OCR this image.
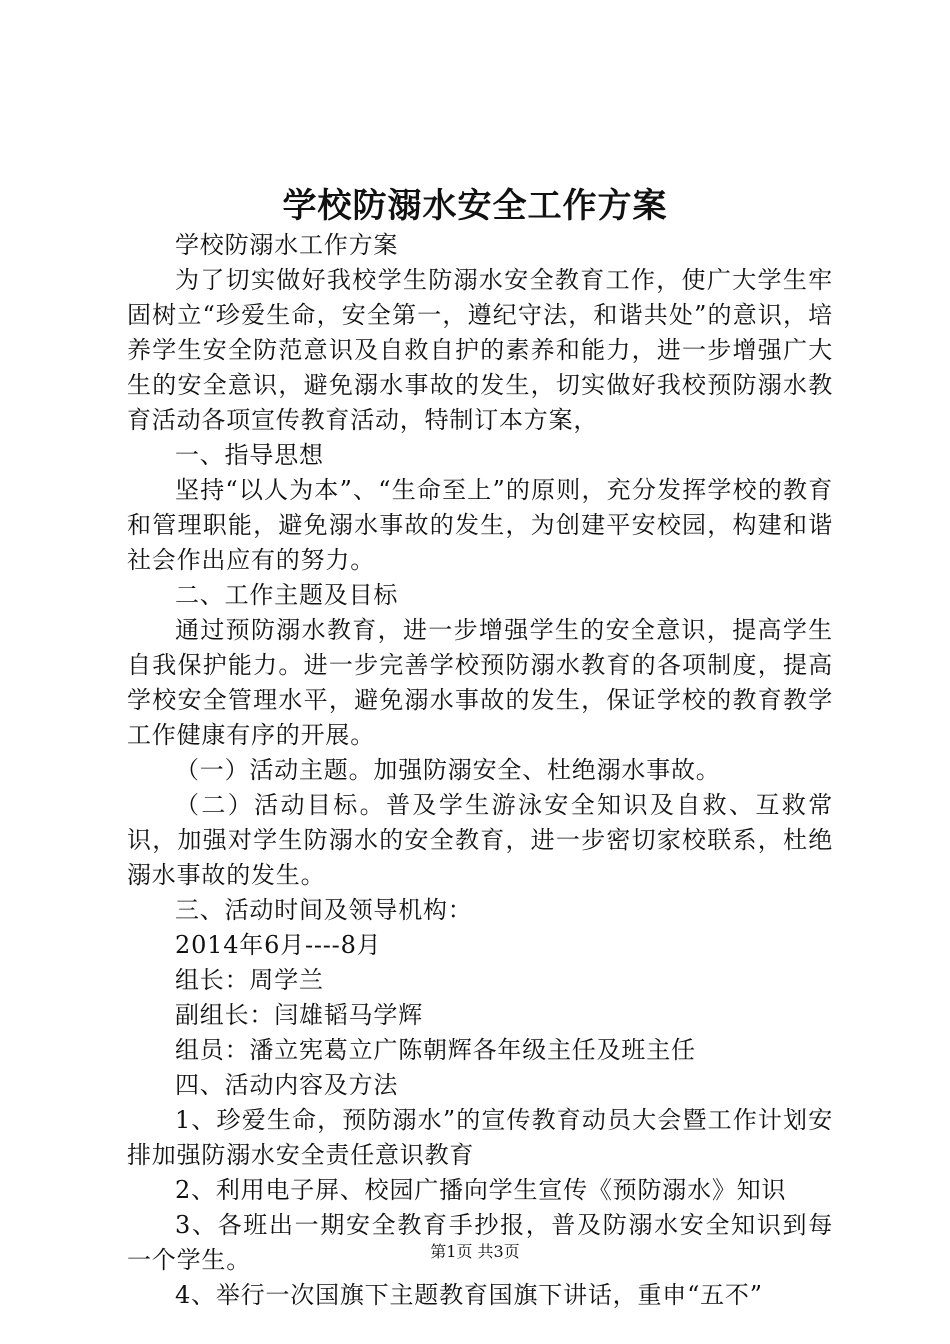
学校防溺水安全工作方案

学校防溺水工作方案

为了切实做好我校学生防溺水安全教育工作，使广大学生牢固树立“珍爱生命，安全第一，遵纪守法，和谐共处”的意识，培养学生安全防范意识及自救自护的素养和能力，进一步增强广大生的安全意识，避免溺水事故的发生，切实做好我校预防溺水教育活动各项宣传教育活动，特制订本方案，

一、指导思想

坚持“以人为本”、“生命至上”的原则，充分发挥学校的教育和管理职能，避免溺水事故的发生，为创建平安校园，构建和谐社会作出应有的努力。

二、工作主题及目标

通过预防溺水教育，进一步增强学生的安全意识，提高学生自我保护能力。进一步完善学校预防溺水教育的各项制度，提高学校安全管理水平，避免溺水事故的发生，保证学校的教育教学工作健康有序的开展。

（一）活动主题。加强防溺安全、杜绝溺水事故。

（二）活动目标。普及学生游泳安全知识及自救、互救常识，加强对学生防溺水的安全教育，进一步密切家校联系，杜绝溺水事故的发生。

三、活动时间及领导机构：

2014年6月----8月

组长：周学兰

副组长：闫雄韬马学辉

组员：潘立宪葛立广陈朝辉各年级主任及班主任

四、活动内容及方法

1、珍爱生命，预防溺水”的宣传教育动员大会暨工作计划安排加强防溺水安全责任意识教育

2、利用电子屏、校园广播向学生宣传《预防溺水》知识

3、各班出一期安全教育手抄报，普及防溺水安全知识到每一个学生。

4、举行一次国旗下主题教育国旗下讲话，重申“五不”

第1页 共3页
